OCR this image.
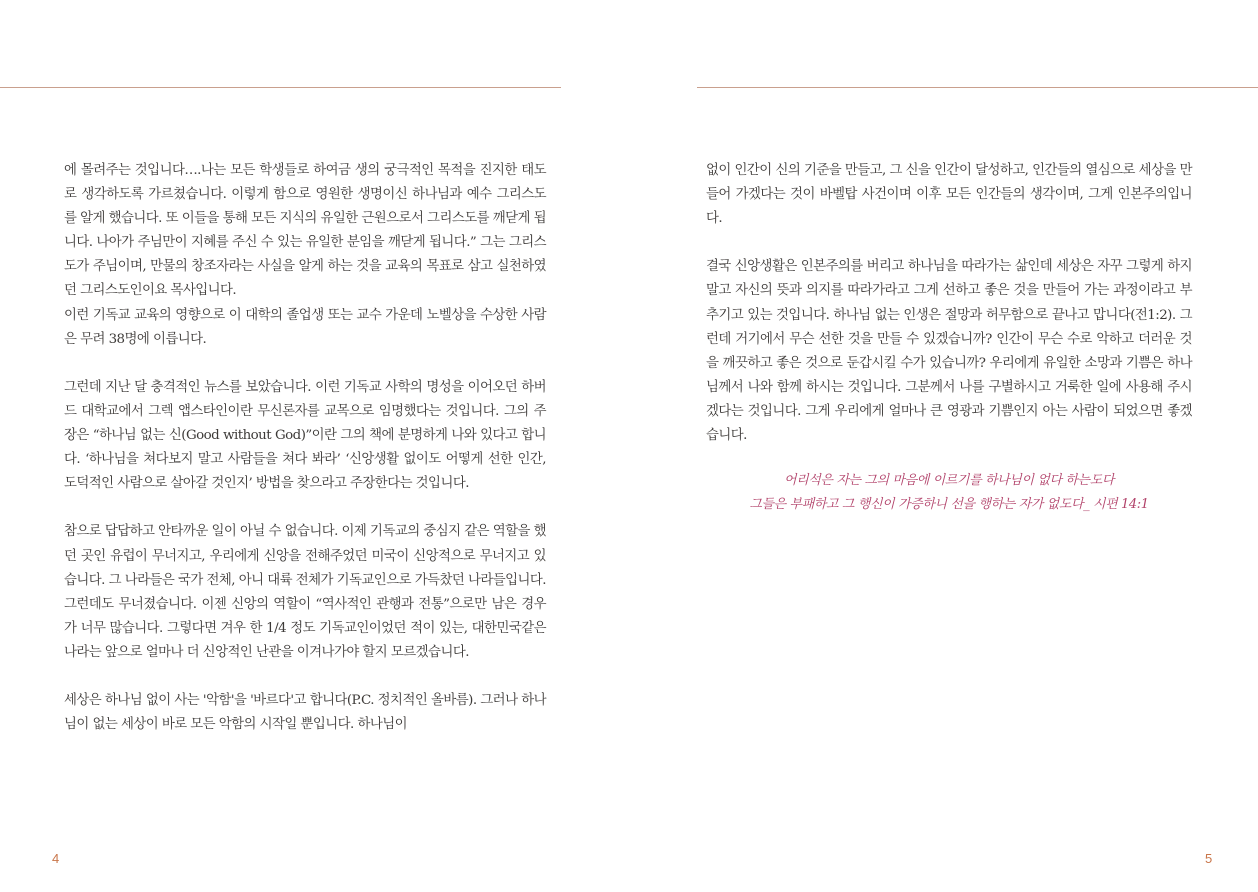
에 몰려주는 것입니다….나는 모든 학생들로 하여금 생의 궁극적인 목적을 진지한 태도로 생각하도록 가르쳤습니다. 이렇게 함으로 영원한 생명이신 하나님과 예수 그리스도를 알게 했습니다. 또 이들을 통해 모든 지식의 유일한 근원으로서 그리스도를 깨닫게 됩니다. 나아가 주님만이 지혜를 주신 수 있는 유일한 분임을 깨닫게 됩니다.” 그는 그리스도가 주님이며, 만물의 창조자라는 사실을 알게 하는 것을 교육의 목표로 삼고 실천하였던 그리스도인이요 목사입니다.

이런 기독교 교육의 영향으로 이 대학의 졸업생 또는 교수 가운데 노벨상을 수상한 사람은 무려 38명에 이릅니다.

그런데 지난 달 충격적인 뉴스를 보았습니다. 이런 기독교 사학의 명성을 이어오던 하버드 대학교에서 그렉 앱스타인이란 무신론자를 교목으로 임명했다는 것입니다. 그의 주장은 “하나님 없는 신(Good without God)”이란 그의 책에 분명하게 나와 있다고 합니다. ‘하나님을 쳐다보지 말고 사람들을 쳐다 봐라’ ‘신앙생활 없이도 어떻게 선한 인간, 도덕적인 사람으로 살아갈 것인지’ 방법을 찾으라고 주장한다는 것입니다.

참으로 답답하고 안타까운 일이 아닐 수 없습니다. 이제 기독교의 중심지 같은 역할을 했던 곳인 유럽이 무너지고, 우리에게 신앙을 전해주었던 미국이 신앙적으로 무너지고 있습니다. 그 나라들은 국가 전체, 아니 대륙 전체가 기독교인으로 가득찼던 나라들입니다. 그런데도 무너졌습니다. 이젠 신앙의 역할이 “역사적인 관행과 전통”으로만 남은 경우가 너무 많습니다. 그렇다면 겨우 한 1/4 정도 기독교인이었던 적이 있는, 대한민국같은 나라는 앞으로 얼마나 더 신앙적인 난관을 이겨나가야 할지 모르겠습니다.

세상은 하나님 없이 사는 '악함'을 '바르다'고 합니다(P.C. 정치적인 올바름). 그러나 하나님이 없는 세상이 바로 모든 악함의 시작일 뿐입니다. 하나님이

4

없이 인간이 신의 기준을 만들고, 그 신을 인간이 달성하고, 인간들의 열심으로 세상을 만들어 가겠다는 것이 바벨탑 사건이며 이후 모든 인간들의 생각이며, 그게 인본주의입니다.

결국 신앙생활은 인본주의를 버리고 하나님을 따라가는 삶인데 세상은 자꾸 그렇게 하지 말고 자신의 뜻과 의지를 따라가라고 그게 선하고 좋은 것을 만들어 가는 과정이라고 부추기고 있는 것입니다. 하나님 없는 인생은 절망과 허무함으로 끝나고 맙니다(전1:2). 그런데 거기에서 무슨 선한 것을 만들 수 있겠습니까? 인간이 무슨 수로 악하고 더러운 것을 깨끗하고 좋은 것으로 둔갑시킬 수가 있습니까? 우리에게 유일한 소망과 기쁨은 하나님께서 나와 함께 하시는 것입니다. 그분께서 나를 구별하시고 거룩한 일에 사용해 주시겠다는 것입니다. 그게 우리에게 얼마나 큰 영광과 기쁨인지 아는 사람이 되었으면 좋겠습니다.

어리석은 자는 그의 마음에 이르기를 하나님이 없다 하는도다
그들은 부패하고 그 행신이 가증하니 선을 행하는 자가 없도다_ 시편 14:1
5
